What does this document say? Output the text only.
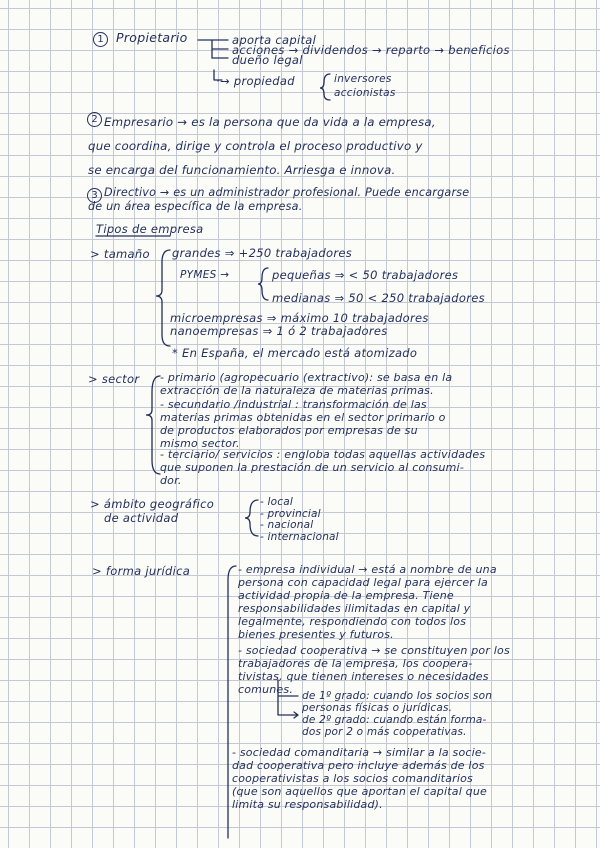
1 Propietario	aporta capital
acciones → dividendos → reparto → beneficios
dueño legal
·→ propiedad	inversores
accionistas
2 Empresario → es la persona que da vida a la empresa,
que coordina, dirige y controla el proceso productivo y
se encarga del funcionamiento. Arriesga e innova.
3 Directivo → es un administrador profesional. Puede encargarse
de un área específica de la empresa.
Tipos de empresa
> tamaño grandes ⇒ +250 trabajadores
PYMES →	pequeñas ⇒ < 50 trabajadores
medianas ⇒ 50 < 250 trabajadores
microempresas ⇒ máximo 10 trabajadores
nanoempresas ⇒ 1 ó 2 trabajadores
* En España, el mercado está atomizado
> sector - primario (agropecuario (extractivo): se basa en la
extracción de la naturaleza de materias primas.
- secundario /industrial : transformación de las
materias primas obtenidas en el sector primario o
de productos elaborados por empresas de su
mismo sector.
- terciario/ servicios : engloba todas aquellas actividades
que suponen la prestación de un servicio al consumi-
dor.
> ámbito geográfico
de actividad
- local
- provincial
- nacional
- internacional
> forma jurídica	- empresa individual → está a nombre de una
persona con capacidad legal para ejercer la
actividad propia de la empresa. Tiene
responsabilidades ilimitadas en capital y
legalmente, respondiendo con todos los
bienes presentes y futuros.
- sociedad cooperativa → se constituyen por los
trabajadores de la empresa, los coopera-
tivistas, que tienen intereses o necesidades
comunes. de 1º grado: cuando los socios son
personas físicas o jurídicas.
de 2º grado: cuando están forma-
dos por 2 o más cooperativas.
- sociedad comanditaria → similar a la socie-
dad cooperativa pero incluye además de los
cooperativistas a los socios comanditarios
(que son aquellos que aportan el capital que
limita su responsabilidad).
